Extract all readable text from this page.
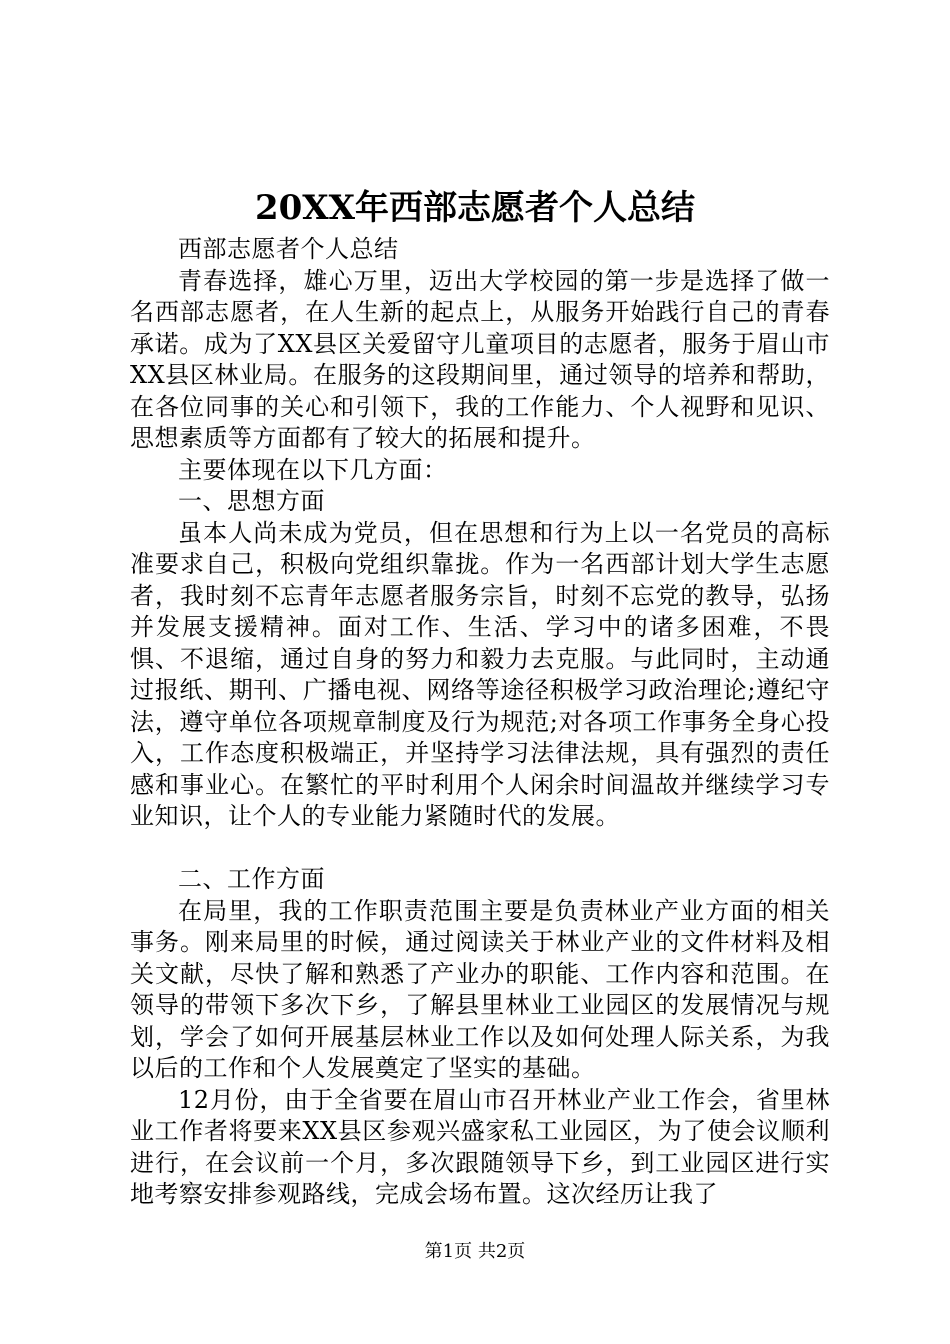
20XX年西部志愿者个人总结

西部志愿者个人总结

青春选择，雄心万里，迈出大学校园的第一步是选择了做一名西部志愿者，在人生新的起点上，从服务开始践行自己的青春承诺。成为了XX县区关爱留守儿童项目的志愿者，服务于眉山市XX县区林业局。在服务的这段期间里，通过领导的培养和帮助，在各位同事的关心和引领下，我的工作能力、个人视野和见识、思想素质等方面都有了较大的拓展和提升。

主要体现在以下几方面：

一、思想方面

虽本人尚未成为党员，但在思想和行为上以一名党员的高标准要求自己，积极向党组织靠拢。作为一名西部计划大学生志愿者，我时刻不忘青年志愿者服务宗旨，时刻不忘党的教导，弘扬并发展支援精神。面对工作、生活、学习中的诸多困难，不畏惧、不退缩，通过自身的努力和毅力去克服。与此同时，主动通过报纸、期刊、广播电视、网络等途径积极学习政治理论;遵纪守法，遵守单位各项规章制度及行为规范;对各项工作事务全身心投入，工作态度积极端正，并坚持学习法律法规，具有强烈的责任感和事业心。在繁忙的平时利用个人闲余时间温故并继续学习专业知识，让个人的专业能力紧随时代的发展。

二、工作方面

在局里，我的工作职责范围主要是负责林业产业方面的相关事务。刚来局里的时候，通过阅读关于林业产业的文件材料及相关文献，尽快了解和熟悉了产业办的职能、工作内容和范围。在领导的带领下多次下乡，了解县里林业工业园区的发展情况与规划，学会了如何开展基层林业工作以及如何处理人际关系，为我以后的工作和个人发展奠定了坚实的基础。

12月份，由于全省要在眉山市召开林业产业工作会，省里林业工作者将要来XX县区参观兴盛家私工业园区，为了使会议顺利进行，在会议前一个月，多次跟随领导下乡，到工业园区进行实地考察安排参观路线，完成会场布置。这次经历让我了

第1页 共2页
